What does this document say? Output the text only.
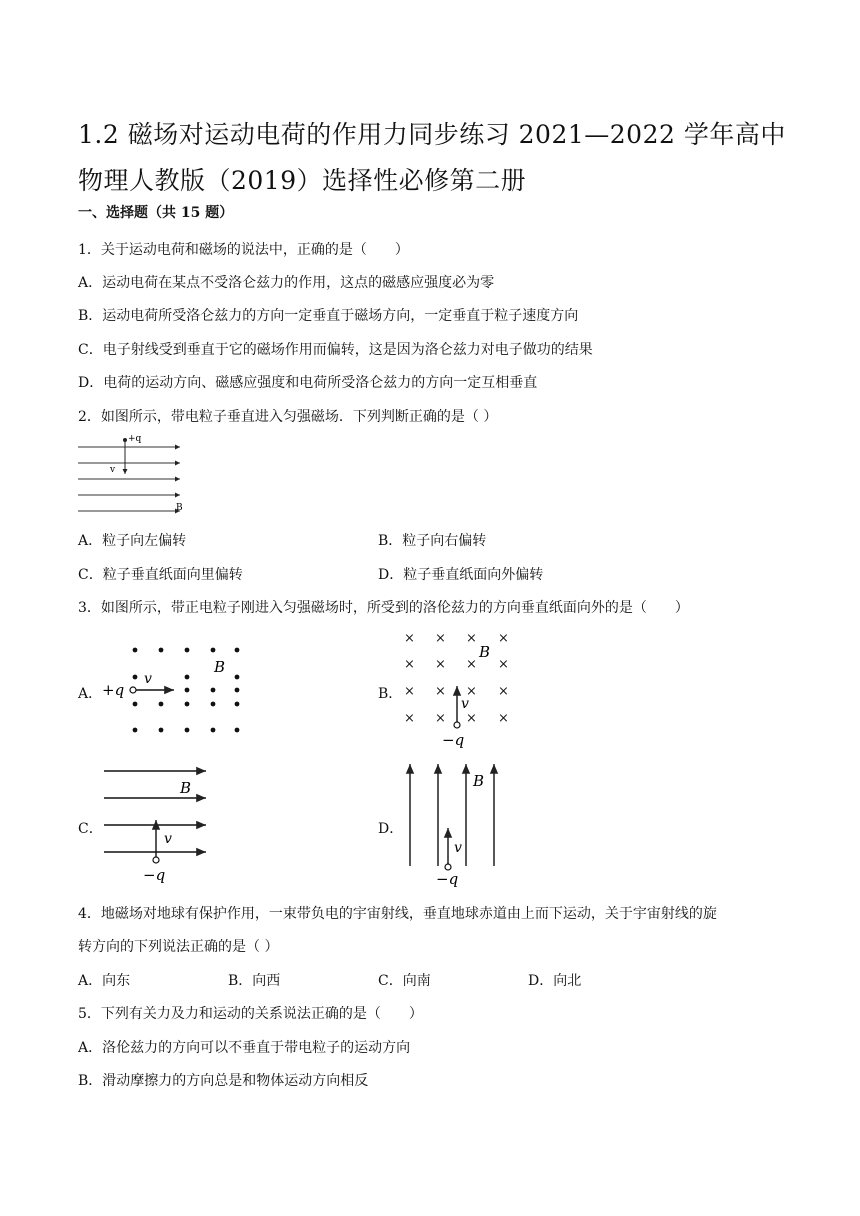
1.2 磁场对运动电荷的作用力同步练习 2021—2022 学年高中物理人教版（2019）选择性必修第二册
一、选择题（共 15 题）
1．关于运动电荷和磁场的说法中，正确的是（　　）
A．运动电荷在某点不受洛仑兹力的作用，这点的磁感应强度必为零
B．运动电荷所受洛仑兹力的方向一定垂直于磁场方向，一定垂直于粒子速度方向
C．电子射线受到垂直于它的磁场作用而偏转，这是因为洛仑兹力对电子做功的结果
D．电荷的运动方向、磁感应强度和电荷所受洛仑兹力的方向一定互相垂直
2．如图所示，带电粒子垂直进入匀强磁场．下列判断正确的是（ ）
+q
v
B
A．粒子向左偏转	B．粒子向右偏转
C．粒子垂直纸面向里偏转	D．粒子垂直纸面向外偏转
3．如图所示，带正电粒子刚进入匀强磁场时，所受到的洛伦兹力的方向垂直纸面向外的是（　　）
A． +q
v
B
B．
× × × ×
× × × ×
× × × ×
× × × ×
v
B
−q
C．
v
B
−q
D．
v
B
−q
4．地磁场对地球有保护作用，一束带负电的宇宙射线，垂直地球赤道由上而下运动，关于宇宙射线的旋
转方向的下列说法正确的是（ ）
A．向东	B．向西	C．向南	D．向北
5．下列有关力及力和运动的关系说法正确的是（　　）
A．洛伦兹力的方向可以不垂直于带电粒子的运动方向
B．滑动摩擦力的方向总是和物体运动方向相反
